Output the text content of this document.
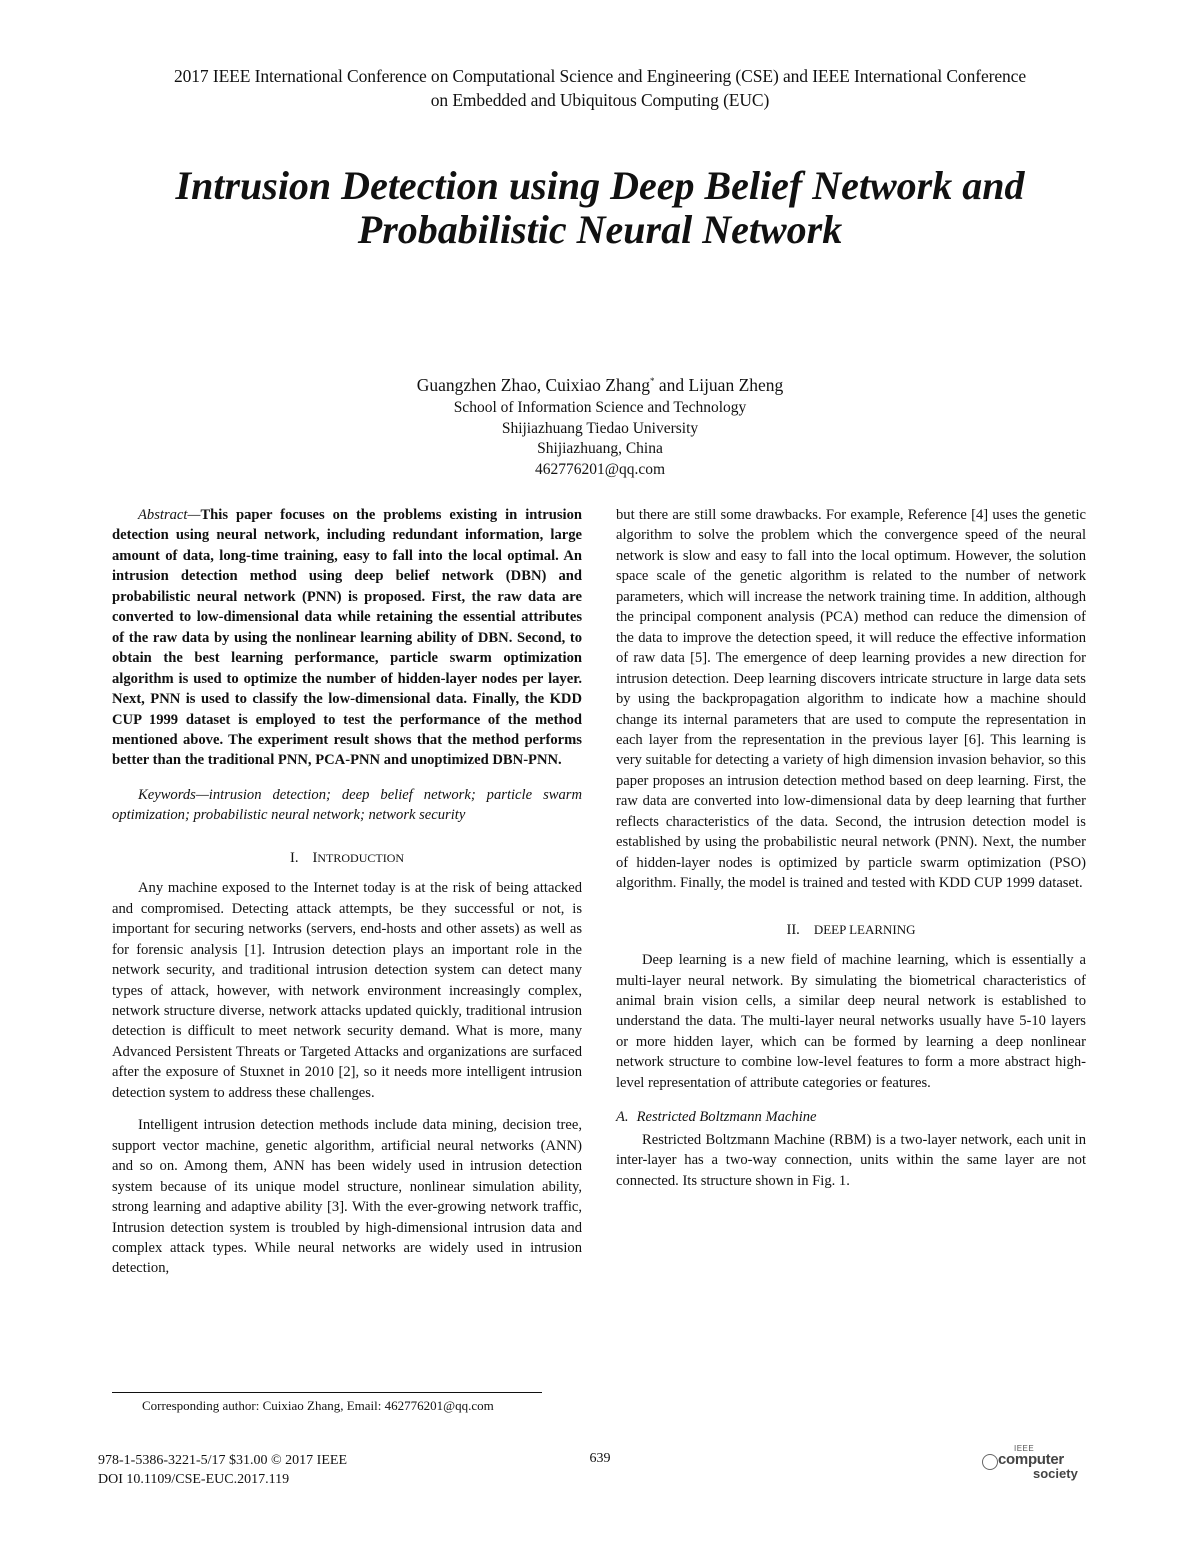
2017 IEEE International Conference on Computational Science and Engineering (CSE) and IEEE International Conference
on Embedded and Ubiquitous Computing (EUC)
Intrusion Detection using Deep Belief Network and
Probabilistic Neural Network
Guangzhen Zhao, Cuixiao Zhang* and Lijuan Zheng
School of Information Science and Technology
Shijiazhuang Tiedao University
Shijiazhuang, China
462776201@qq.com

Abstract—This paper focuses on the problems existing in intrusion detection using neural network, including redundant information, large amount of data, long-time training, easy to fall into the local optimal. An intrusion detection method using deep belief network (DBN) and probabilistic neural network (PNN) is proposed. First, the raw data are converted to low-dimensional data while retaining the essential attributes of the raw data by using the nonlinear learning ability of DBN. Second, to obtain the best learning performance, particle swarm optimization algorithm is used to optimize the number of hidden-layer nodes per layer. Next, PNN is used to classify the low-dimensional data. Finally, the KDD CUP 1999 dataset is employed to test the performance of the method mentioned above. The experiment result shows that the method performs better than the traditional PNN, PCA-PNN and unoptimized DBN-PNN.

Keywords—intrusion detection; deep belief network; particle swarm optimization; probabilistic neural network; network security

I. INTRODUCTION

Any machine exposed to the Internet today is at the risk of being attacked and compromised. Detecting attack attempts, be they successful or not, is important for securing networks (servers, end-hosts and other assets) as well as for forensic analysis [1]. Intrusion detection plays an important role in the network security, and traditional intrusion detection system can detect many types of attack, however, with network environment increasingly complex, network structure diverse, network attacks updated quickly, traditional intrusion detection is difficult to meet network security demand. What is more, many Advanced Persistent Threats or Targeted Attacks and organizations are surfaced after the exposure of Stuxnet in 2010 [2], so it needs more intelligent intrusion detection system to address these challenges.

Intelligent intrusion detection methods include data mining, decision tree, support vector machine, genetic algorithm, artificial neural networks (ANN) and so on. Among them, ANN has been widely used in intrusion detection system because of its unique model structure, nonlinear simulation ability, strong learning and adaptive ability [3]. With the ever-growing network traffic, Intrusion detection system is troubled by high-dimensional intrusion data and complex attack types. While neural networks are widely used in intrusion detection,

but there are still some drawbacks. For example, Reference [4] uses the genetic algorithm to solve the problem which the convergence speed of the neural network is slow and easy to fall into the local optimum. However, the solution space scale of the genetic algorithm is related to the number of network parameters, which will increase the network training time. In addition, although the principal component analysis (PCA) method can reduce the dimension of the data to improve the detection speed, it will reduce the effective information of raw data [5]. The emergence of deep learning provides a new direction for intrusion detection. Deep learning discovers intricate structure in large data sets by using the backpropagation algorithm to indicate how a machine should change its internal parameters that are used to compute the representation in each layer from the representation in the previous layer [6]. This learning is very suitable for detecting a variety of high dimension invasion behavior, so this paper proposes an intrusion detection method based on deep learning. First, the raw data are converted into low-dimensional data by deep learning that further reflects characteristics of the data. Second, the intrusion detection model is established by using the probabilistic neural network (PNN). Next, the number of hidden-layer nodes is optimized by particle swarm optimization (PSO) algorithm. Finally, the model is trained and tested with KDD CUP 1999 dataset.

II. DEEP LEARNING

Deep learning is a new field of machine learning, which is essentially a multi-layer neural network. By simulating the biometrical characteristics of animal brain vision cells, a similar deep neural network is established to understand the data. The multi-layer neural networks usually have 5-10 layers or more hidden layer, which can be formed by learning a deep nonlinear network structure to combine low-level features to form a more abstract high-level representation of attribute categories or features.

A. Restricted Boltzmann Machine

Restricted Boltzmann Machine (RBM) is a two-layer network, each unit in inter-layer has a two-way connection, units within the same layer are not connected. Its structure shown in Fig. 1.

Corresponding author: Cuixiao Zhang, Email: 462776201@qq.com
978-1-5386-3221-5/17 $31.00 © 2017 IEEE
DOI 10.1109/CSE-EUC.2017.119
639
IEEE
computer
society
